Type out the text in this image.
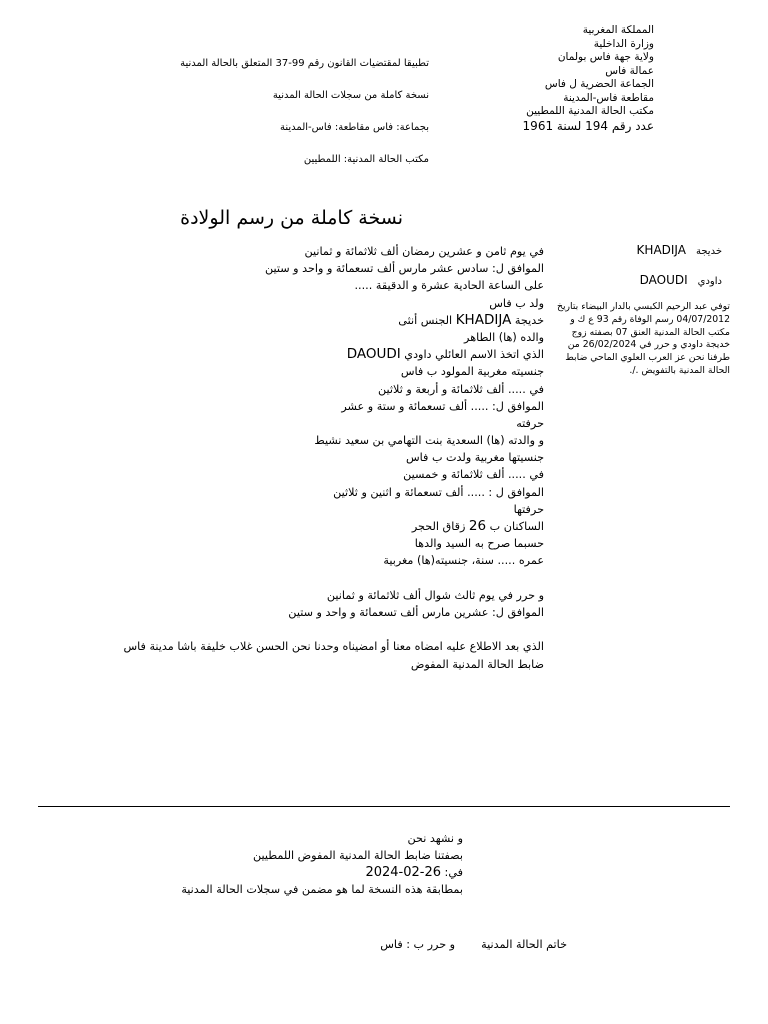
المملكة المغربية
وزارة الداخلية
ولاية جهة فاس بولمان
عمالة فاس
الجماعة الحضرية ل فاس
مقاطعة فاس-المدينة
مكتب الحالة المدنية اللمطيين
عدد رقم 194 لسنة 1961
تطبيقا لمقتضيات القانون رقم 99-37 المتعلق بالحالة المدنية
نسخة كاملة من سجلات الحالة المدنية
بجماعة: فاس مقاطعة: فاس-المدينة
مكتب الحالة المدنية: اللمطيين
نسخة كاملة من رسم الولادة
خديجة
KHADIJA
داودي
DAOUDI
توفي عبد الرحيم الكبسي بالدار البيضاء بتاريخ
04/07/2012 رسم الوفاة رقم 93 ع ك و
مكتب الحالة المدنية العنق 07 بصفته زوج
خديجة داودي و حرر في 26/02/2024 من
طرفنا نحن عز العرب العلوي الماحي ضابط
الحالة المدنية بالتفويض ./.
في يوم ثامن و عشرين رمضان ألف ثلاثمائة و ثمانين
الموافق ل: سادس عشر مارس ألف تسعمائة و واحد و ستين
على الساعة الحادية عشرة و الدقيقة .....
ولد ب فاس
خديجة KHADIJA الجنس أنثى
والده (ها) الطاهر
الذي اتخذ الاسم العائلي داودي DAOUDI
جنسيته مغربية المولود ب فاس
في ..... ألف ثلاثمائة و أربعة و ثلاثين
الموافق ل: ..... ألف تسعمائة و ستة و عشر
حرفته
و والدته (ها) السعدية بنت التهامي بن سعيد نشيط
جنسيتها مغربية ولدت ب فاس
في ..... ألف ثلاثمائة و خمسين
الموافق ل : ..... ألف تسعمائة و اثنين و ثلاثين
حرفتها
الساكنان ب 26 زقاق الحجر
حسبما صرح به السيد والدها
عمره ..... سنة، جنسيته(ها) مغربية
و حرر في يوم ثالث شوال ألف ثلاثمائة و ثمانين
الموافق ل: عشرين مارس ألف تسعمائة و واحد و ستين
الذي بعد الاطلاع عليه امضاه معنا أو امضيناه وحدنا نحن الحسن غلاب خليفة باشا مدينة فاس
ضابط الحالة المدنية المفوض
و نشهد نحن
بصفتنا ضابط الحالة المدنية المفوض اللمطيين
في: 2024-02-26
بمطابقة هذه النسخة لما هو مضمن في سجلات الحالة المدنية
خاتم الحالة المدنية
و حرر ب : فاس
